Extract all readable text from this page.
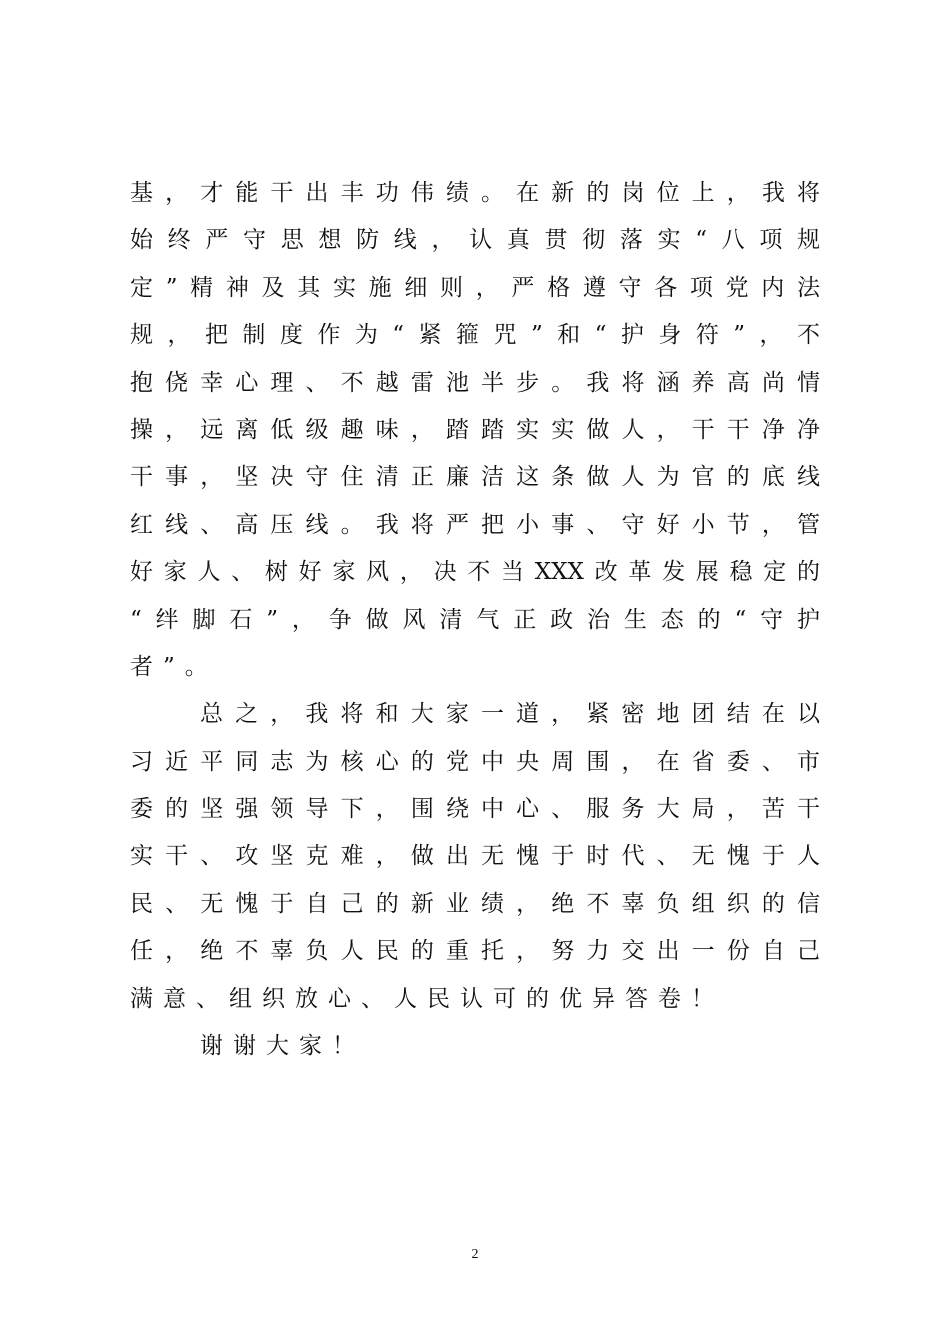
基，才能干出丰功伟绩。在新的岗位上，我将
始终严守思想防线，认真贯彻落实“八项规
定”精神及其实施细则，严格遵守各项党内法
规，把制度作为“紧箍咒”和“护身符”，不
抱侥幸心理、不越雷池半步。我将涵养高尚情
操，远离低级趣味，踏踏实实做人，干干净净
干事，坚决守住清正廉洁这条做人为官的底线
红线、高压线。我将严把小事、守好小节，管
好家人、树好家风，决不当XXX改革发展稳定的
“绊脚石”，争做风清气正政治生态的“守护
者”。
总之，我将和大家一道，紧密地团结在以
习近平同志为核心的党中央周围，在省委、市
委的坚强领导下，围绕中心、服务大局，苦干
实干、攻坚克难，做出无愧于时代、无愧于人
民、无愧于自己的新业绩，绝不辜负组织的信
任，绝不辜负人民的重托，努力交出一份自己
满意、组织放心、人民认可的优异答卷！
谢谢大家！
2
